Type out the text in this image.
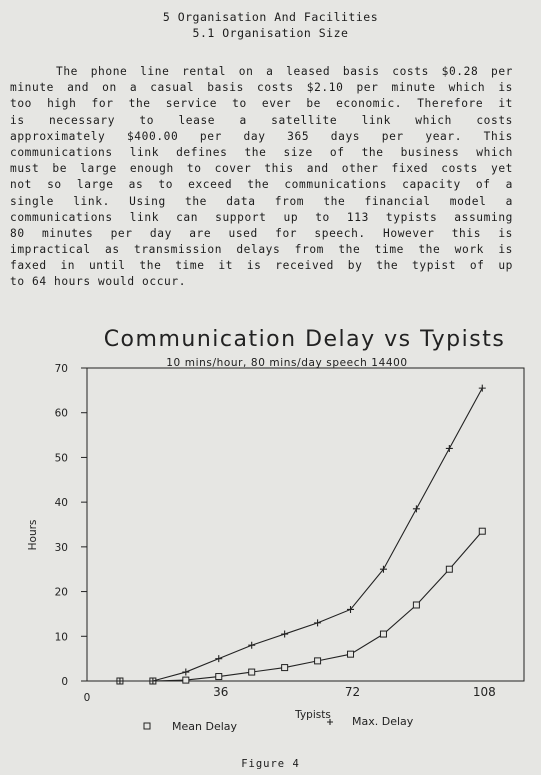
5 Organisation And Facilities
5.1 Organisation Size
The phone line rental on a leased basis costs $0.28 per
minute and on a casual basis costs $2.10 per minute which is
too high for the service to ever be economic. Therefore it
is necessary to lease a satellite link which costs
approximately $400.00 per day 365 days per year. This
communications link defines the size of the business which
must be large enough to cover this and other fixed costs yet
not so large as to exceed the communications capacity of a
single link. Using the data from the financial model a
communications link can support up to 113 typists assuming
80 minutes per day are used for speech. However this is
impractical as transmission delays from the time the work is
faxed in until the time it is received by the typist of up
to 64 hours would occur.
Communication Delay vs Typists
10 mins/hour, 80 mins/day speech 14400
0
10
20
30
40
50
60
70
0	36	72	108
Typists
Hours
Mean Delay	Max. Delay
Figure 4
